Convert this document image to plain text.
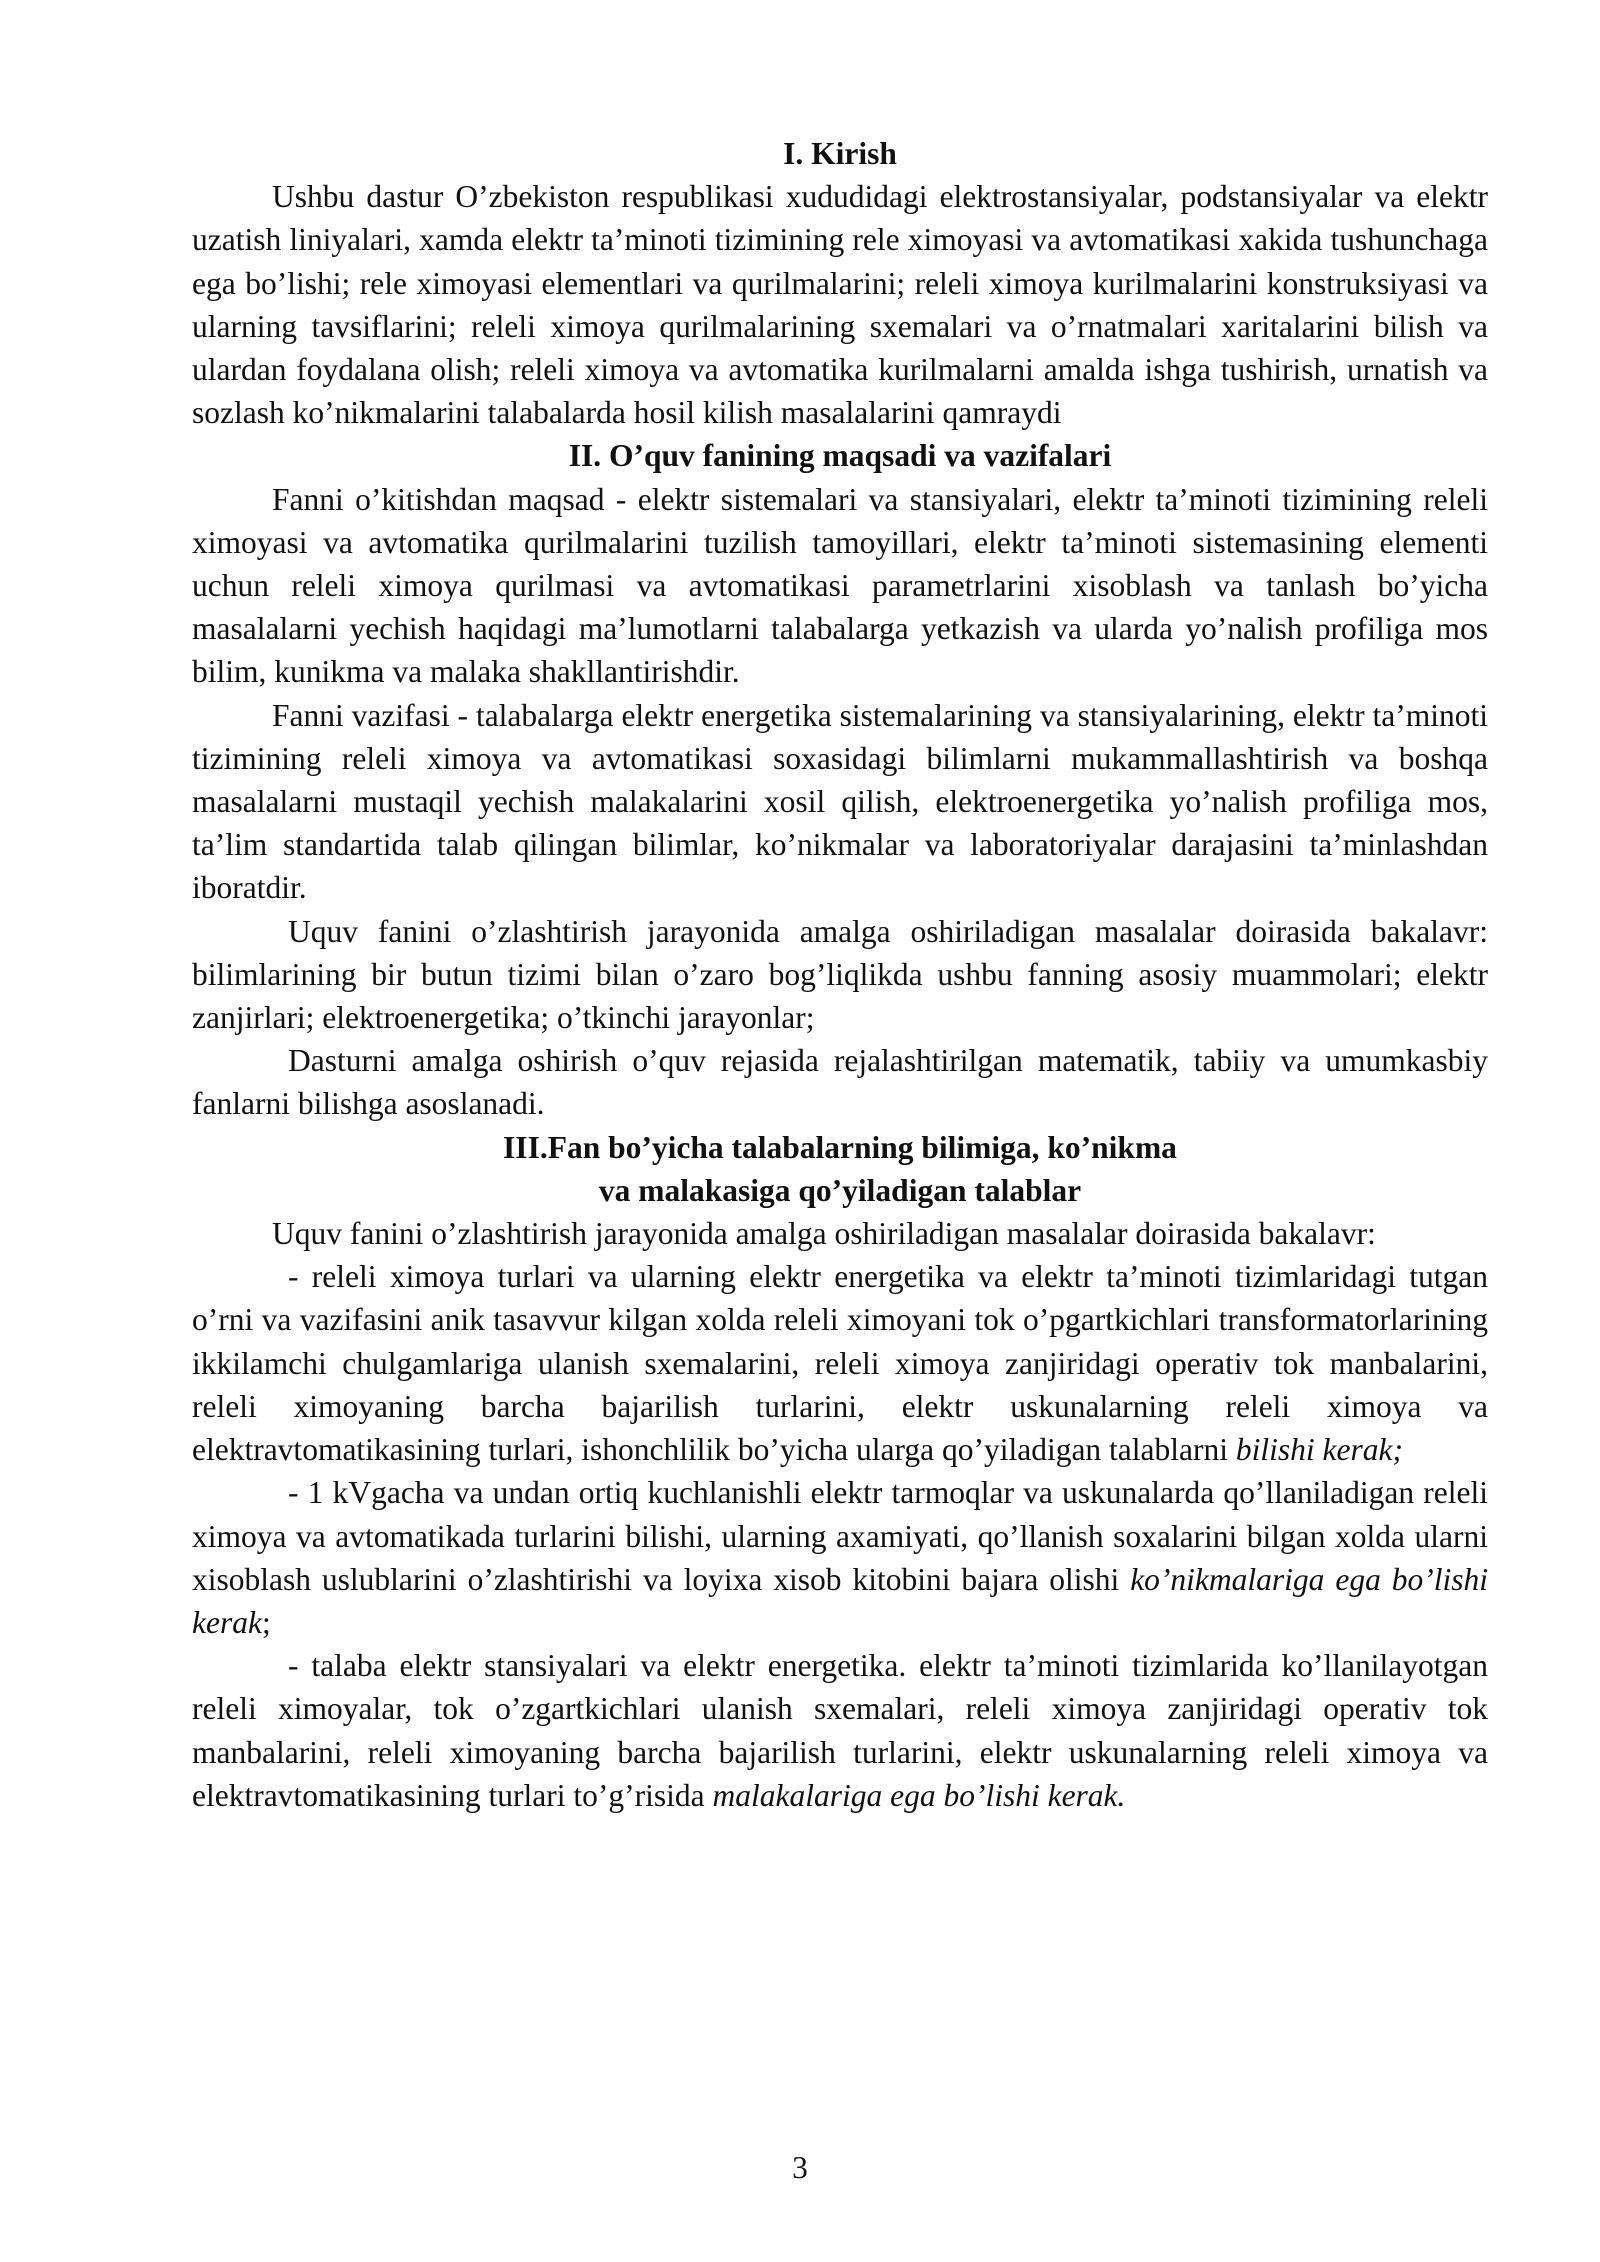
I. Kirish

Ushbu dastur O’zbekiston respublikasi xududidagi elektrostansiyalar, podstansiyalar va elektr uzatish liniyalari, xamda elektr ta’minoti tizimining rele ximoyasi va avtomatikasi xakida tushunchaga ega bo’lishi; rele ximoyasi elementlari va qurilmalarini; releli ximoya kurilmalarini konstruksiyasi va ularning tavsiflarini; releli ximoya qurilmalarining sxemalari va o’rnatmalari xaritalarini bilish va ulardan foydalana olish; releli ximoya va avtomatika kurilmalarni amalda ishga tushirish, urnatish va sozlash ko’nikmalarini talabalarda hosil kilish masalalarini qamraydi

II. O’quv fanining maqsadi va vazifalari

Fanni o’kitishdan maqsad - elektr sistemalari va stansiyalari, elektr ta’minoti tizimining releli ximoyasi va avtomatika qurilmalarini tuzilish tamoyillari, elektr ta’minoti sistemasining elementi uchun releli ximoya qurilmasi va avtomatikasi parametrlarini xisoblash va tanlash bo’yicha masalalarni yechish haqidagi ma’lumotlarni talabalarga yetkazish va ularda yo’nalish profiliga mos bilim, kunikma va malaka shakllantirishdir.

Fanni vazifasi - talabalarga elektr energetika sistemalarining va stansiyalarining, elektr ta’minoti tizimining releli ximoya va avtomatikasi soxasidagi bilimlarni mukammallashtirish va boshqa masalalarni mustaqil yechish malakalarini xosil qilish, elektroenergetika yo’nalish profiliga mos, ta’lim standartida talab qilingan bilimlar, ko’nikmalar va laboratoriyalar darajasini ta’minlashdan iboratdir.

Uquv fanini o’zlashtirish jarayonida amalga oshiriladigan masalalar doirasida bakalavr: bilimlarining bir butun tizimi bilan o’zaro bog’liqlikda ushbu fanning asosiy muammolari; elektr zanjirlari; elektroenergetika; o’tkinchi jarayonlar;

Dasturni amalga oshirish o’quv rejasida rejalashtirilgan matematik, tabiiy va umumkasbiy fanlarni bilishga asoslanadi.

III.Fan bo’yicha talabalarning bilimiga, ko’nikma

va malakasiga qo’yiladigan talablar

Uquv fanini o’zlashtirish jarayonida amalga oshiriladigan masalalar doirasida bakalavr:

- releli ximoya turlari va ularning elektr energetika va elektr ta’minoti tizimlaridagi tutgan o’rni va vazifasini anik tasavvur kilgan xolda releli ximoyani tok o’pgartkichlari transformatorlarining ikkilamchi chulgamlariga ulanish sxemalarini, releli ximoya zanjiridagi operativ tok manbalarini, releli ximoyaning barcha bajarilish turlarini, elektr uskunalarning releli ximoya va elektravtomatikasining turlari, ishonchlilik bo’yicha ularga qo’yiladigan talablarni bilishi kerak;

- 1 kVgacha va undan ortiq kuchlanishli elektr tarmoqlar va uskunalarda qo’llaniladigan releli ximoya va avtomatikada turlarini bilishi, ularning axamiyati, qo’llanish soxalarini bilgan xolda ularni xisoblash uslublarini o’zlashtirishi va loyixa xisob kitobini bajara olishi ko’nikmalariga ega bo’lishi kerak;

- talaba elektr stansiyalari va elektr energetika. elektr ta’minoti tizimlarida ko’llanilayotgan releli ximoyalar, tok o’zgartkichlari ulanish sxemalari, releli ximoya zanjiridagi operativ tok manbalarini, releli ximoyaning barcha bajarilish turlarini, elektr uskunalarning releli ximoya va elektravtomatikasining turlari to’g’risida malakalariga ega bo’lishi kerak.

3
